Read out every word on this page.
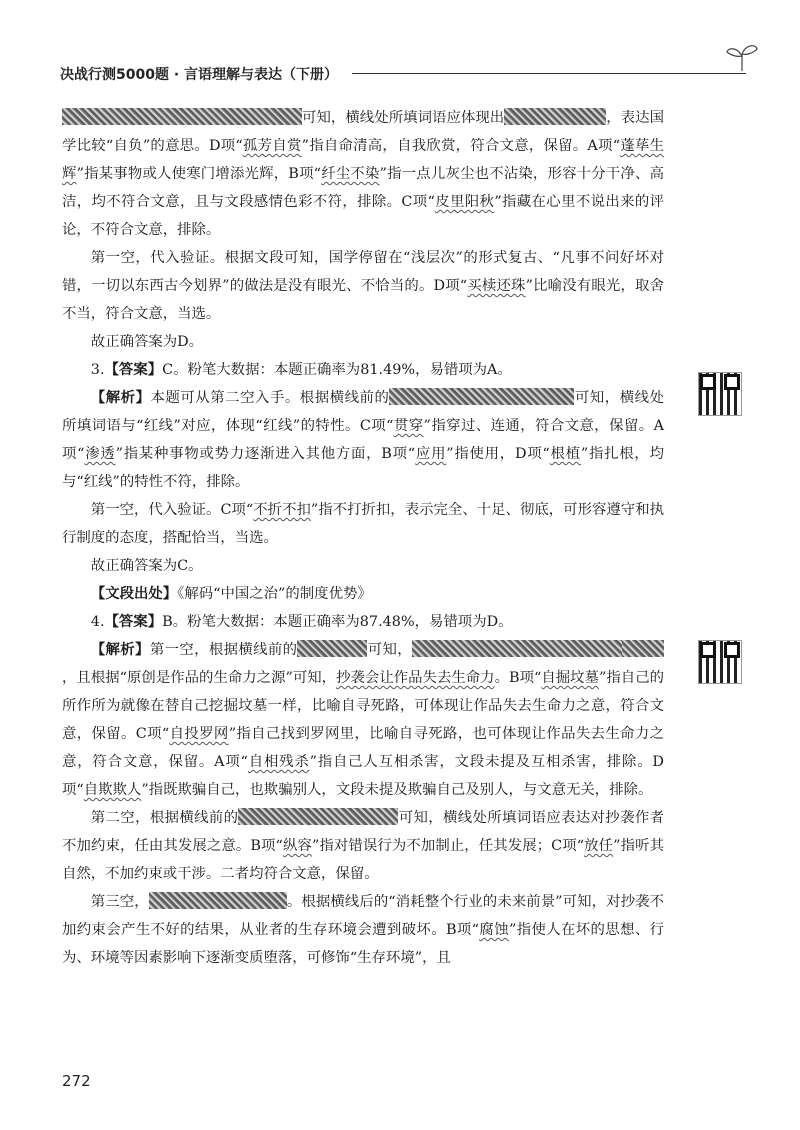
决战行测5000题 · 言语理解与表达（下册）

可知，横线处所填词语应体现出	，表达国学比较“自负”的意思。D项“孤芳自赏”指自命清高，自我欣赏，符合文意，保留。A项“蓬荜生辉”指某事物或人使寒门增添光辉，B项“纤尘不染”指一点儿灰尘也不沾染，形容十分干净、高洁，均不符合文意，且与文段感情色彩不符，排除。C项“皮里阳秋”指藏在心里不说出来的评论，不符合文意，排除。

第一空，代入验证。根据文段可知，国学停留在“浅层次”的形式复古、“凡事不问好坏对错，一切以东西古今划界”的做法是没有眼光、不恰当的。D项“买椟还珠”比喻没有眼光，取舍不当，符合文意，当选。

故正确答案为D。

3.【答案】C。粉笔大数据：本题正确率为81.49%，易错项为A。

【解析】本题可从第二空入手。根据横线前的	可知，横线处所填词语与“红线”对应，体现“红线”的特性。C项“贯穿”指穿过、连通，符合文意，保留。A项“渗透”指某种事物或势力逐渐进入其他方面，B项“应用”指使用，D项“根植”指扎根，均与“红线”的特性不符，排除。

第一空，代入验证。C项“不折不扣”指不打折扣，表示完全、十足、彻底，可形容遵守和执行制度的态度，搭配恰当，当选。

故正确答案为C。

【文段出处】《解码“中国之治”的制度优势》

4.【答案】B。粉笔大数据：本题正确率为87.48%，易错项为D。

【解析】第一空，根据横线前的	可知，，且根据“原创是作品的生命力之源”可知，抄袭会让作品失去生命力。B项“自掘坟墓”指自己的所作所为就像在替自己挖掘坟墓一样，比喻自寻死路，可体现让作品失去生命力之意，符合文意，保留。C项“自投罗网”指自己找到罗网里，比喻自寻死路，也可体现让作品失去生命力之意，符合文意，保留。A项“自相残杀”指自己人互相杀害，文段未提及互相杀害，排除。D项“自欺欺人”指既欺骗自己，也欺骗别人，文段未提及欺骗自己及别人，与文意无关，排除。

第二空，根据横线前的	可知，横线处所填词语应表达对抄袭作者不加约束，任由其发展之意。B项“纵容”指对错误行为不加制止，任其发展；C项“放任”指听其自然，不加约束或干涉。二者均符合文意，保留。

第三空，	。根据横线后的“消耗整个行业的未来前景”可知，对抄袭不加约束会产生不好的结果，从业者的生存环境会遭到破坏。B项“腐蚀”指使人在坏的思想、行为、环境等因素影响下逐渐变质堕落，可修饰“生存环境”，且

272
